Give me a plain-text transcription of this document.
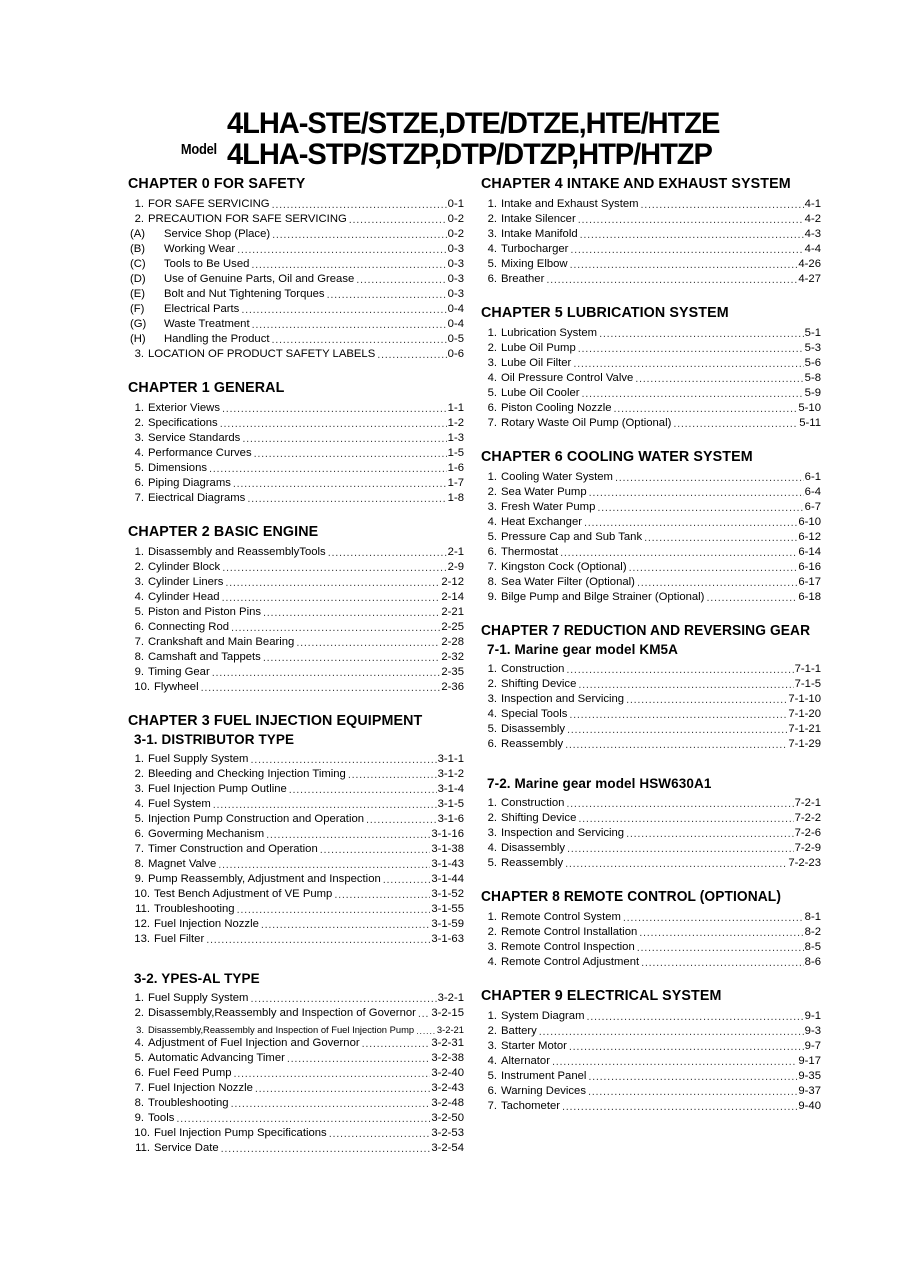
Model
4LHA-STE/STZE,DTE/DTZE,HTE/HTZE
4LHA-STP/STZP,DTP/DTZP,HTP/HTZP
CHAPTER 0 FOR SAFETY
1. FOR SAFE SERVICING .....	0-1
2. PRECAUTION FOR SAFE SERVICING .....	0-2
(A)	Service Shop (Place) .....	0-2
(B)	Working Wear .....	0-3
(C)	Tools to Be Used .....	0-3
(D)	Use of Genuine Parts, Oil and Grease .....	0-3
(E)	Bolt and Nut Tightening Torques .....	0-3
(F)	Electrical Parts .....	0-4
(G)	Waste Treatment .....	0-4
(H)	Handling the Product .....	0-5
3. LOCATION OF PRODUCT SAFETY LABELS .....	0-6
CHAPTER 1 GENERAL
1. Exterior Views .....	1-1
2. Specifications .....	1-2
3. Service Standards .....	1-3
4. Performance Curves .....	1-5
5. Dimensions .....	1-6
6. Piping Diagrams .....	1-7
7. Eiectrical Diagrams .....	1-8
CHAPTER 2 BASIC ENGINE
1. Disassembly and ReassemblyTools .....	2-1
2. Cylinder Block .....	2-9
3. Cylinder Liners .....	2-12
4. Cylinder Head .....	2-14
5. Piston and Piston Pins .....	2-21
6. Connecting Rod .....	2-25
7. Crankshaft and Main Bearing .....	2-28
8. Camshaft and Tappets .....	2-32
9. Timing Gear .....	2-35
10. Flywheel .....	2-36
CHAPTER 3 FUEL INJECTION EQUIPMENT
3-1. DISTRIBUTOR TYPE
1. Fuel Supply System .....	3-1-1
2. Bleeding and Checking Injection Timing .....	3-1-2
3. Fuel Injection Pump Outline .....	3-1-4
4. Fuel System .....	3-1-5
5. Injection Pump Construction and Operation .....	3-1-6
6. Goverming Mechanism .....	3-1-16
7. Timer Construction and Operation .....	3-1-38
8. Magnet Valve .....	3-1-43
9. Pump Reassembly, Adjustment and Inspection .....	3-1-44
10. Test Bench Adjustment of VE Pump .....	3-1-52
11. Troubleshooting .....	3-1-55
12. Fuel Injection Nozzle .....	3-1-59
13. Fuel Filter .....	3-1-63
3-2. YPES-AL TYPE
1. Fuel Supply System .....	3-2-1
2. Disassembly,Reassembly and Inspection of Governor ..... 3-2-15
3. Disassembly,Reassembly and Inspection of Fuel Injection Pump ..... 3-2-21
4. Adjustment of Fuel Injection and Governor .....	3-2-31
5. Automatic Advancing Timer .....	3-2-38
6. Fuel Feed Pump .....	3-2-40
7. Fuel Injection Nozzle .....	3-2-43
8. Troubleshooting .....	3-2-48
9. Tools .....	3-2-50
10. Fuel Injection Pump Specifications .....	3-2-53
11. Service Date .....	3-2-54
CHAPTER 4 INTAKE AND EXHAUST SYSTEM
1. Intake and Exhaust System .....	4-1
2. Intake Silencer .....	4-2
3. Intake Manifold .....	4-3
4. Turbocharger .....	4-4
5. Mixing Elbow .....	4-26
6. Breather .....	4-27
CHAPTER 5 LUBRICATION SYSTEM
1. Lubrication System .....	5-1
2. Lube Oil Pump .....	5-3
3. Lube Oil Filter .....	5-6
4. Oil Pressure Control Valve .....	5-8
5. Lube Oil Cooler .....	5-9
6. Piston Cooling Nozzle .....	5-10
7. Rotary Waste Oil Pump (Optional) .....	5-11
CHAPTER 6 COOLING WATER SYSTEM
1. Cooling Water System .....	6-1
2. Sea Water Pump .....	6-4
3. Fresh Water Pump .....	6-7
4. Heat Exchanger .....	6-10
5. Pressure Cap and Sub Tank .....	6-12
6. Thermostat .....	6-14
7. Kingston Cock (Optional) .....	6-16
8. Sea Water Filter (Optional) .....	6-17
9. Bilge Pump and Bilge Strainer (Optional) .....	6-18
CHAPTER 7 REDUCTION AND REVERSING GEAR
7-1. Marine gear model KM5A
1. Construction .....	7-1-1
2. Shifting Device .....	7-1-5
3. Inspection and Servicing .....	7-1-10
4. Special Tools .....	7-1-20
5. Disassembly .....	7-1-21
6. Reassembly .....	7-1-29
7-2. Marine gear model HSW630A1
1. Construction .....	7-2-1
2. Shifting Device .....	7-2-2
3. Inspection and Servicing .....	7-2-6
4. Disassembly .....	7-2-9
5. Reassembly .....	7-2-23
CHAPTER 8 REMOTE CONTROL (OPTIONAL)
1. Remote Control System .....	8-1
2. Remote Control Installation .....	8-2
3. Remote Control Inspection .....	8-5
4. Remote Control Adjustment .....	8-6
CHAPTER 9 ELECTRICAL SYSTEM
1. System Diagram .....	9-1
2. Battery .....	9-3
3. Starter Motor .....	9-7
4. Alternator .....	9-17
5. Instrument Panel .....	9-35
6. Warning Devices .....	9-37
7. Tachometer .....	9-40
